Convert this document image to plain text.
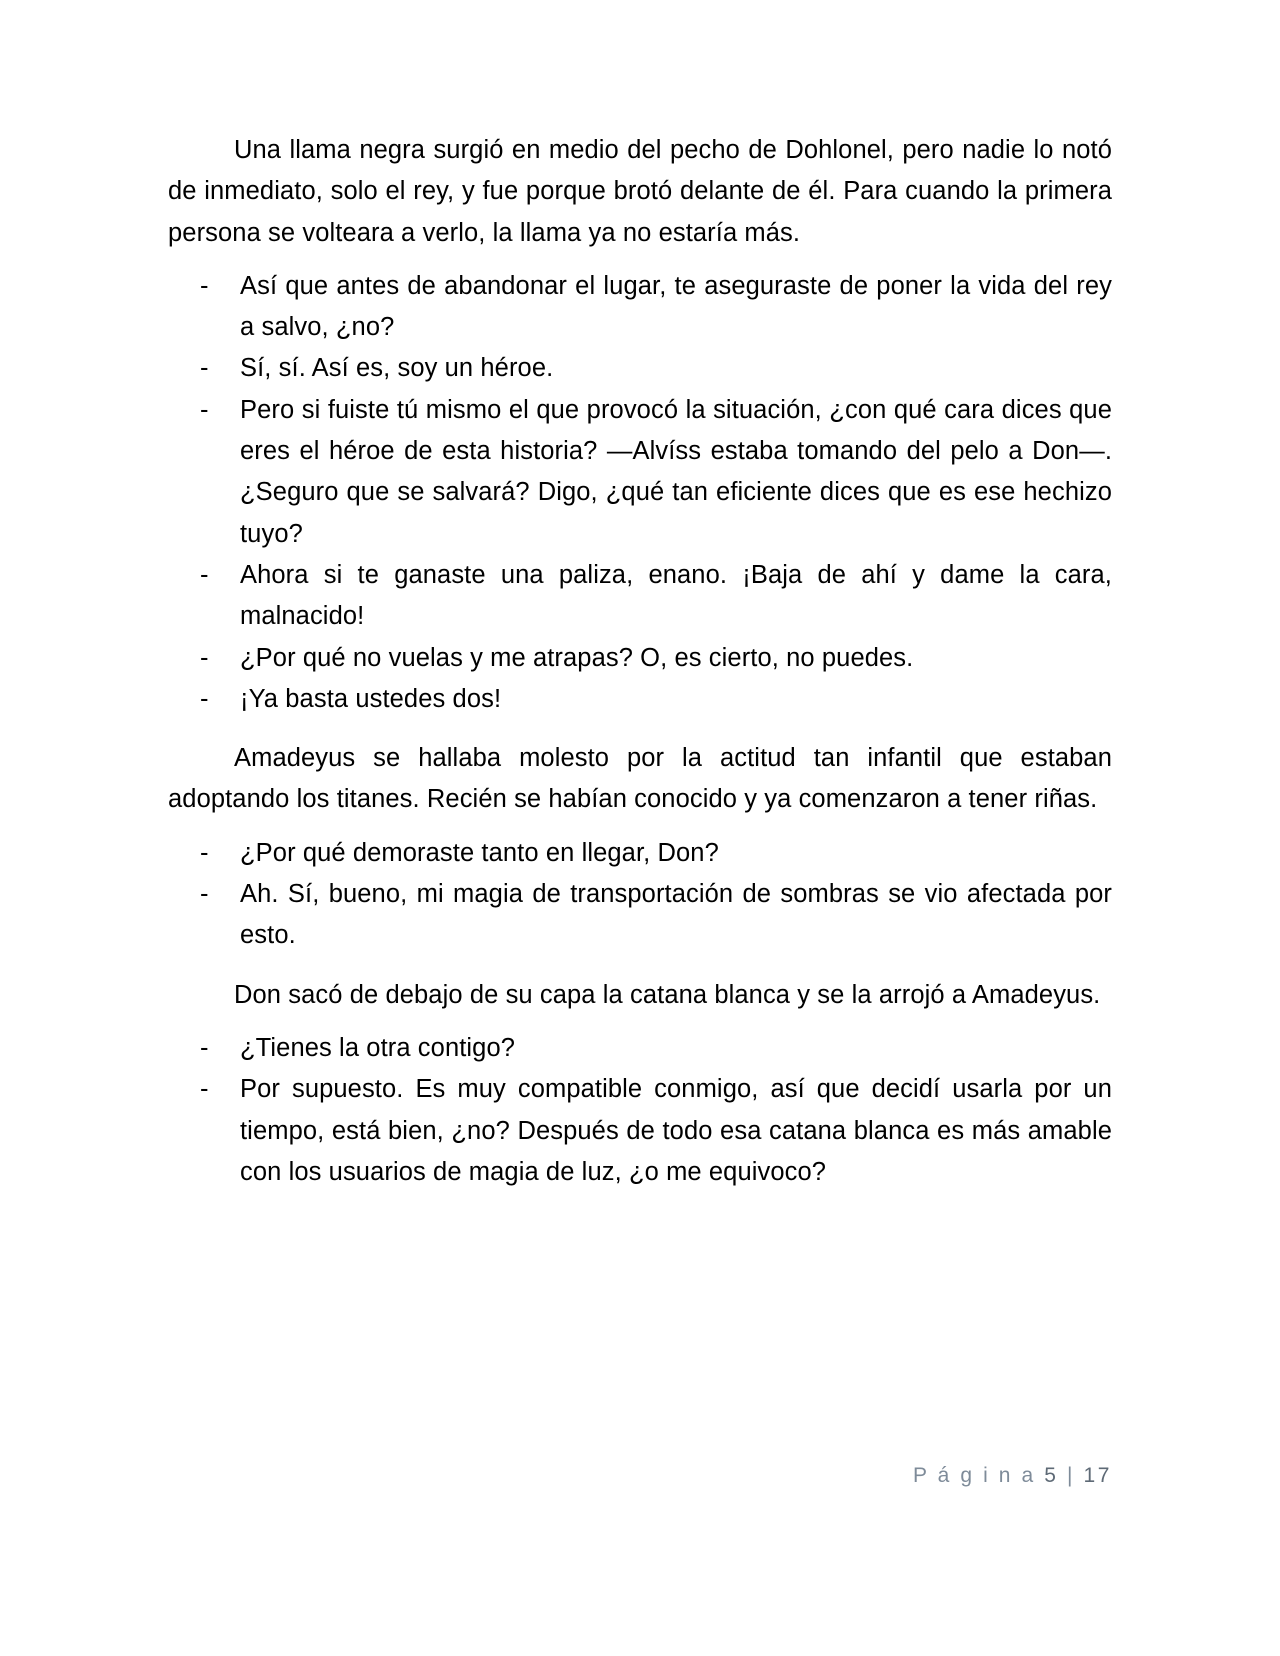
Una llama negra surgió en medio del pecho de Dohlonel, pero nadie lo notó de inmediato, solo el rey, y fue porque brotó delante de él. Para cuando la primera persona se volteara a verlo, la llama ya no estaría más.

- Así que antes de abandonar el lugar, te aseguraste de poner la vida del rey a salvo, ¿no?
- Sí, sí. Así es, soy un héroe.
- Pero si fuiste tú mismo el que provocó la situación, ¿con qué cara dices que eres el héroe de esta historia? —Alvíss estaba tomando del pelo a Don—. ¿Seguro que se salvará? Digo, ¿qué tan eficiente dices que es ese hechizo tuyo?
- Ahora si te ganaste una paliza, enano. ¡Baja de ahí y dame la cara, malnacido!
- ¿Por qué no vuelas y me atrapas? O, es cierto, no puedes.
- ¡Ya basta ustedes dos!

Amadeyus se hallaba molesto por la actitud tan infantil que estaban adoptando los titanes. Recién se habían conocido y ya comenzaron a tener riñas.

- ¿Por qué demoraste tanto en llegar, Don?
- Ah. Sí, bueno, mi magia de transportación de sombras se vio afectada por esto.

Don sacó de debajo de su capa la catana blanca y se la arrojó a Amadeyus.

- ¿Tienes la otra contigo?
- Por supuesto. Es muy compatible conmigo, así que decidí usarla por un tiempo, está bien, ¿no? Después de todo esa catana blanca es más amable con los usuarios de magia de luz, ¿o me equivoco?
P á g i n a 5 | 17
